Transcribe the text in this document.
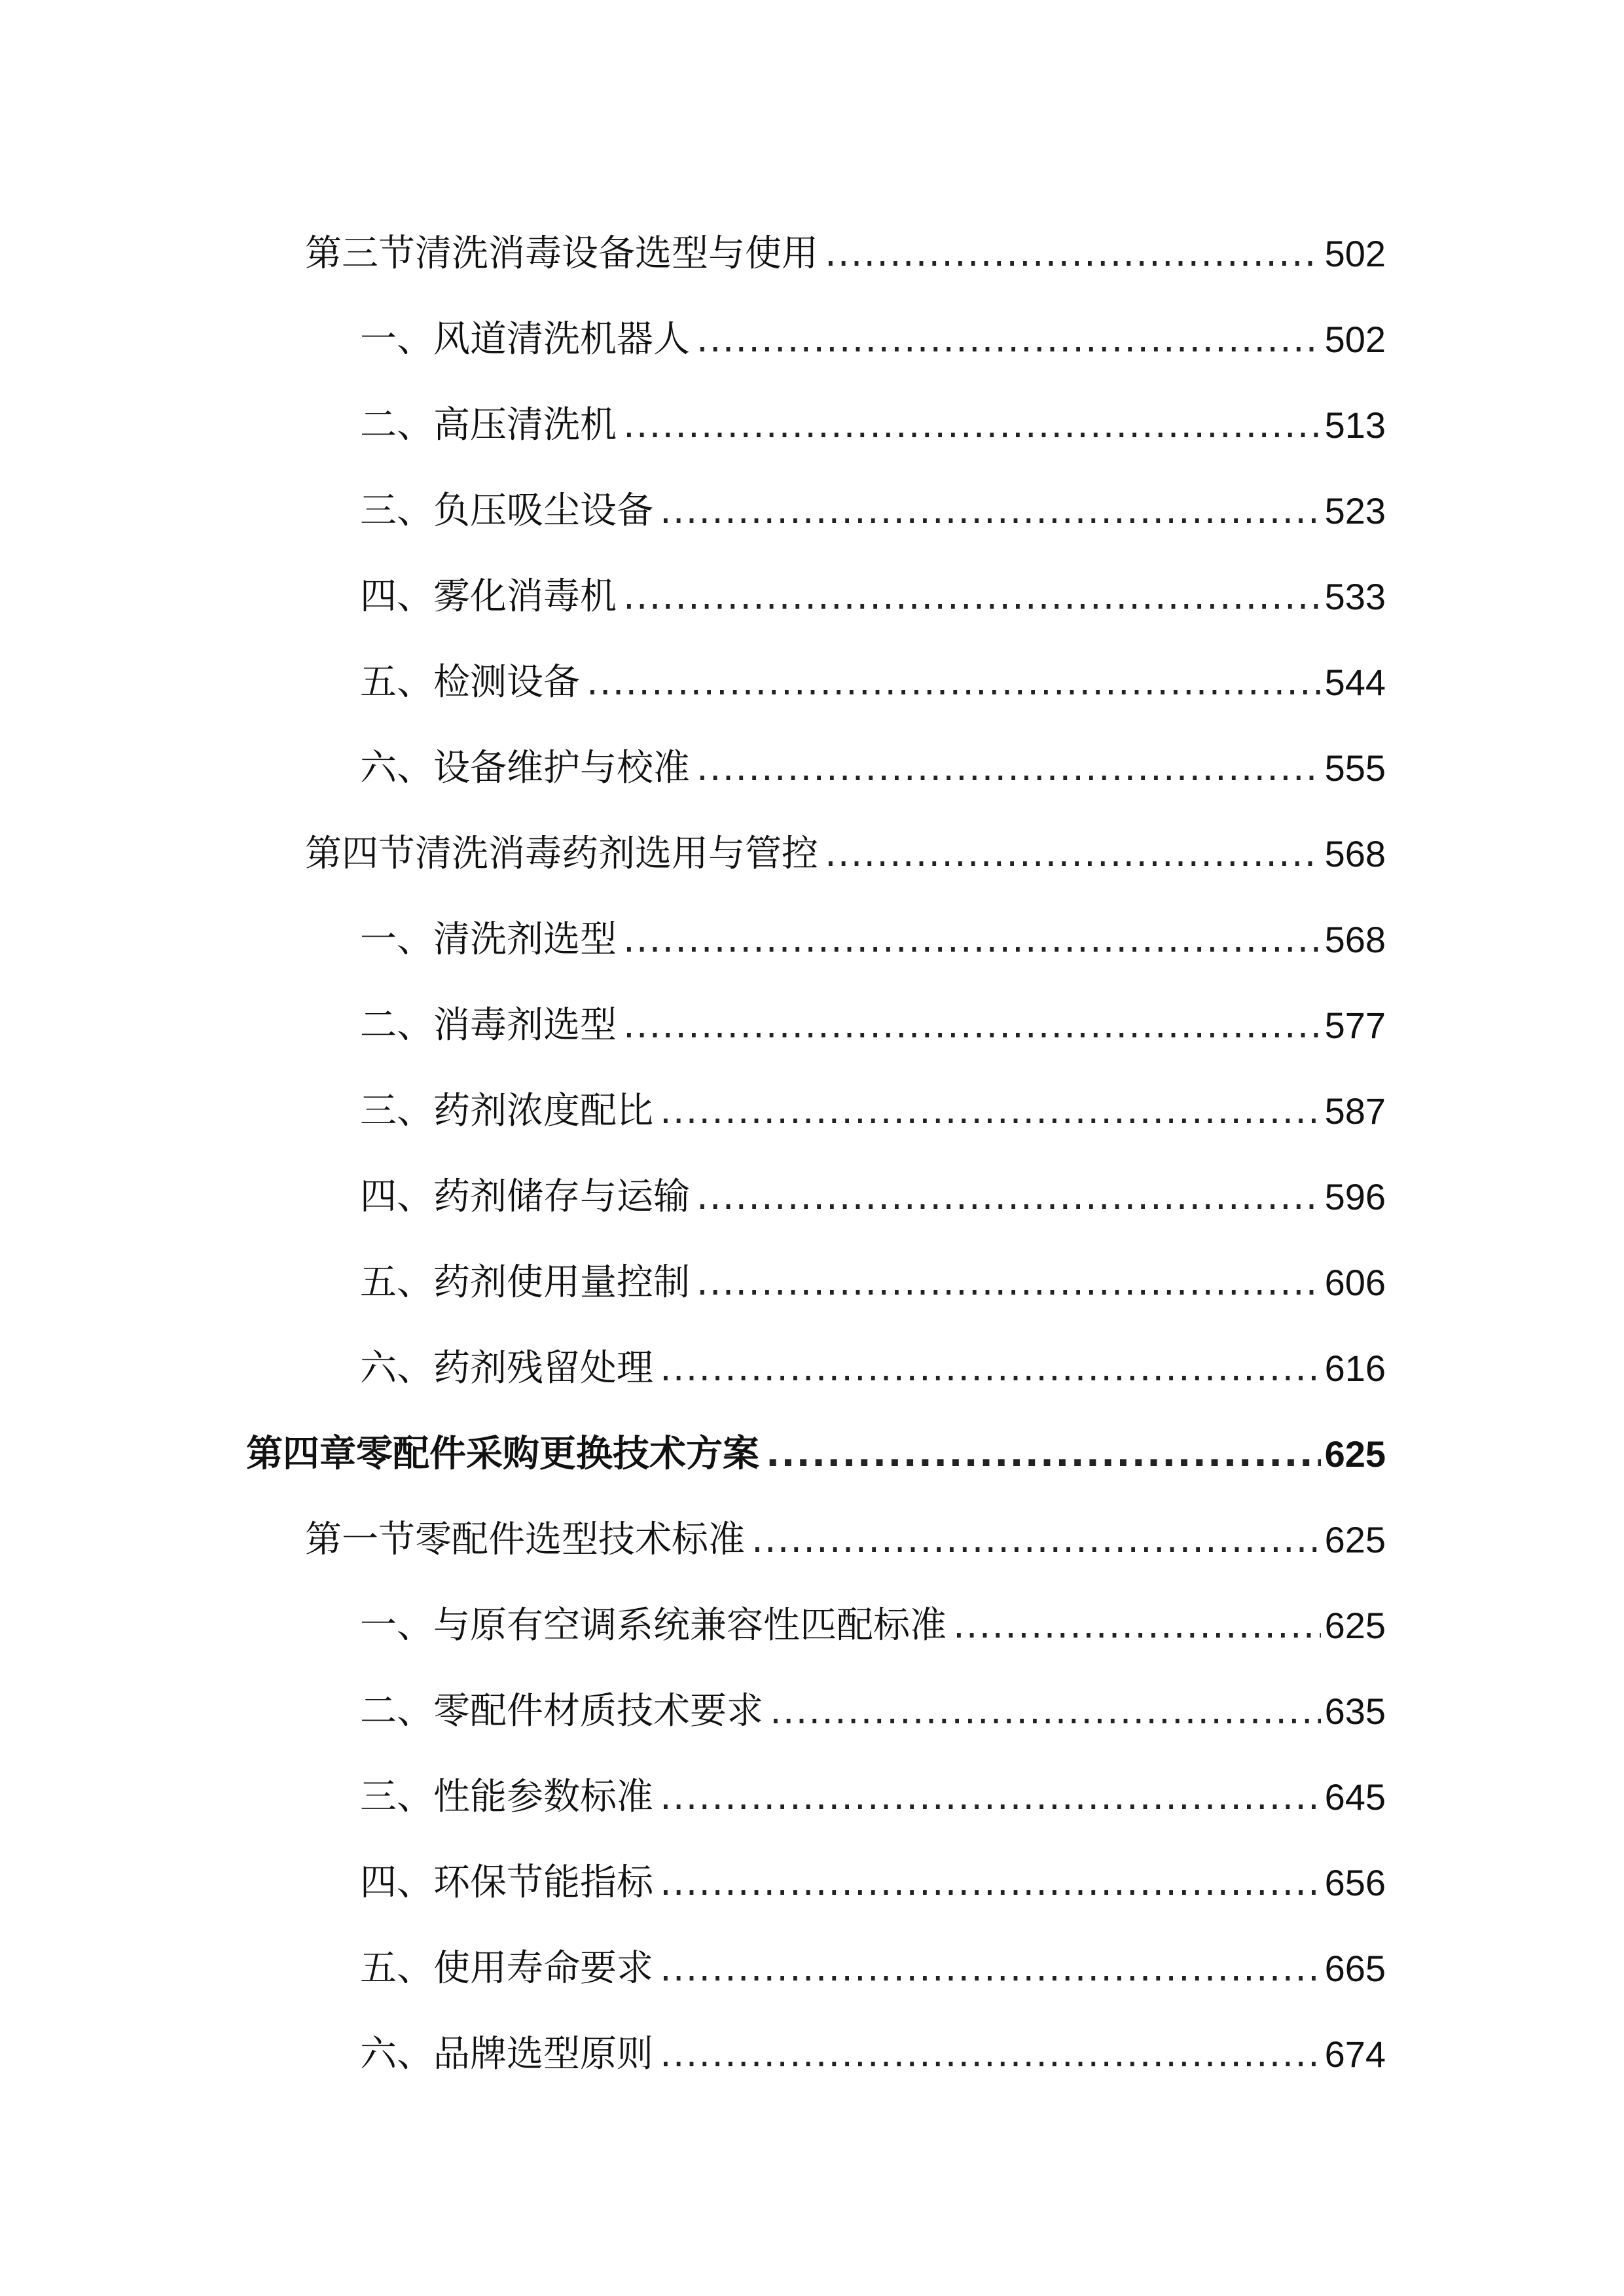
第三节清洗消毒设备选型与使用 .....	502
一、风道清洗机器人 .....	502
二、高压清洗机 .....	513
三、负压吸尘设备 .....	523
四、雾化消毒机 .....	533
五、检测设备 .....	544
六、设备维护与校准 .....	555
第四节清洗消毒药剂选用与管控 .....	568
一、清洗剂选型 .....	568
二、消毒剂选型 .....	577
三、药剂浓度配比 .....	587
四、药剂储存与运输 .....	596
五、药剂使用量控制 .....	606
六、药剂残留处理 .....	616
第四章零配件采购更换技术方案 .....	625
第一节零配件选型技术标准 .....	625
一、与原有空调系统兼容性匹配标准 .....	625
二、零配件材质技术要求 .....	635
三、性能参数标准 .....	645
四、环保节能指标 .....	656
五、使用寿命要求 .....	665
六、品牌选型原则 .....	674
